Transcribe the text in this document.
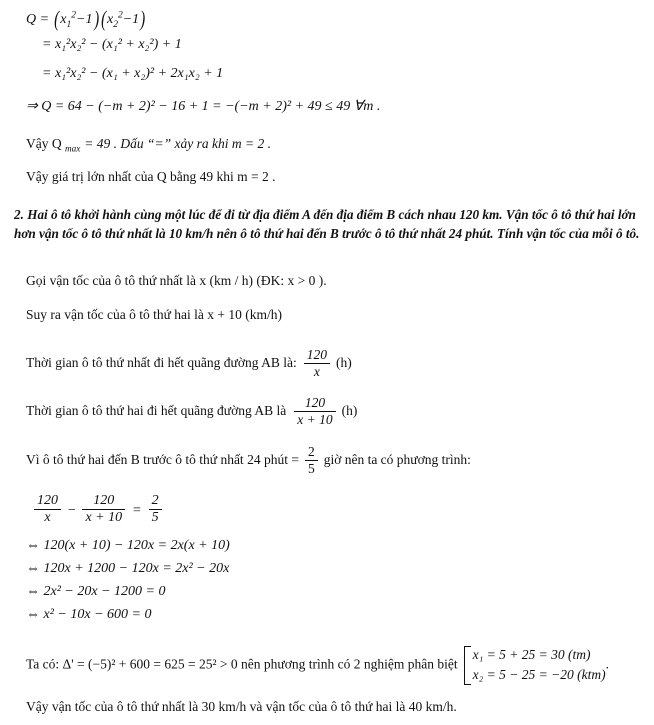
$Q = (x_1^2-1)$ $(x_2^2-1)$
= x₁²x₂² − (x₁² + x₂²) + 1
= x₁²x₂² − (x₁ + x₂)² + 2x₁x₂ + 1
⇒ Q = 64 − (−m + 2)² − 16 + 1 = −(−m + 2)² + 49 ≤ 49 ∀m .
Vậy Q $_{max}$ = 49 . Dấu “=” xảy ra khi m = 2 .
Vậy giá trị lớn nhất của Q bằng 49 khi m = 2 .
2. Hai ô tô khởi hành cùng một lúc để đi từ địa điểm A đến địa điểm B cách nhau 120 km. Vận tốc ô tô thứ hai lớn hơn vận tốc ô tô thứ nhất là 10 km/h nên ô tô thứ hai đến B trước ô tô thứ nhất 24 phút. Tính vận tốc của mỗi ô tô.
Gọi vận tốc của ô tô thứ nhất là x (km / h) (ĐK: x > 0 ).
Suy ra vận tốc của ô tô thứ hai là x + 10 (km/h)
Thời gian ô tô thứ nhất đi hết quãng đường AB là: $\frac{120}{x} (h)$
Thời gian ô tô thứ hai đi hết quãng đường AB là $\frac{120}{x + 10} (h)$
Vì ô tô thứ hai đến B trước ô tô thứ nhất 24 phút = $\frac{2}{5}$ giờ nên ta có phương trình:
$\frac{120}{x} - \frac{120}{x + 10} = \frac{2}{5}$
⇔ 120(x + 10) − 120x = 2x(x + 10)
⇔ 120x + 1200 − 120x = 2x² − 20x
⇔ 2x² − 20x − 1200 = 0
⇔ x² − 10x − 600 = 0
Ta có: Δ' = (−5)² + 600 = 625 = 25² > 0 nên phương trình có 2 nghiệm phân biệt
x₁ = 5 + 25 = 30 (tm)
x₂ = 5 − 25 = −20 (ktm)
.
Vậy vận tốc của ô tô thứ nhất là 30 km/h và vận tốc của ô tô thứ hai là 40 km/h.
